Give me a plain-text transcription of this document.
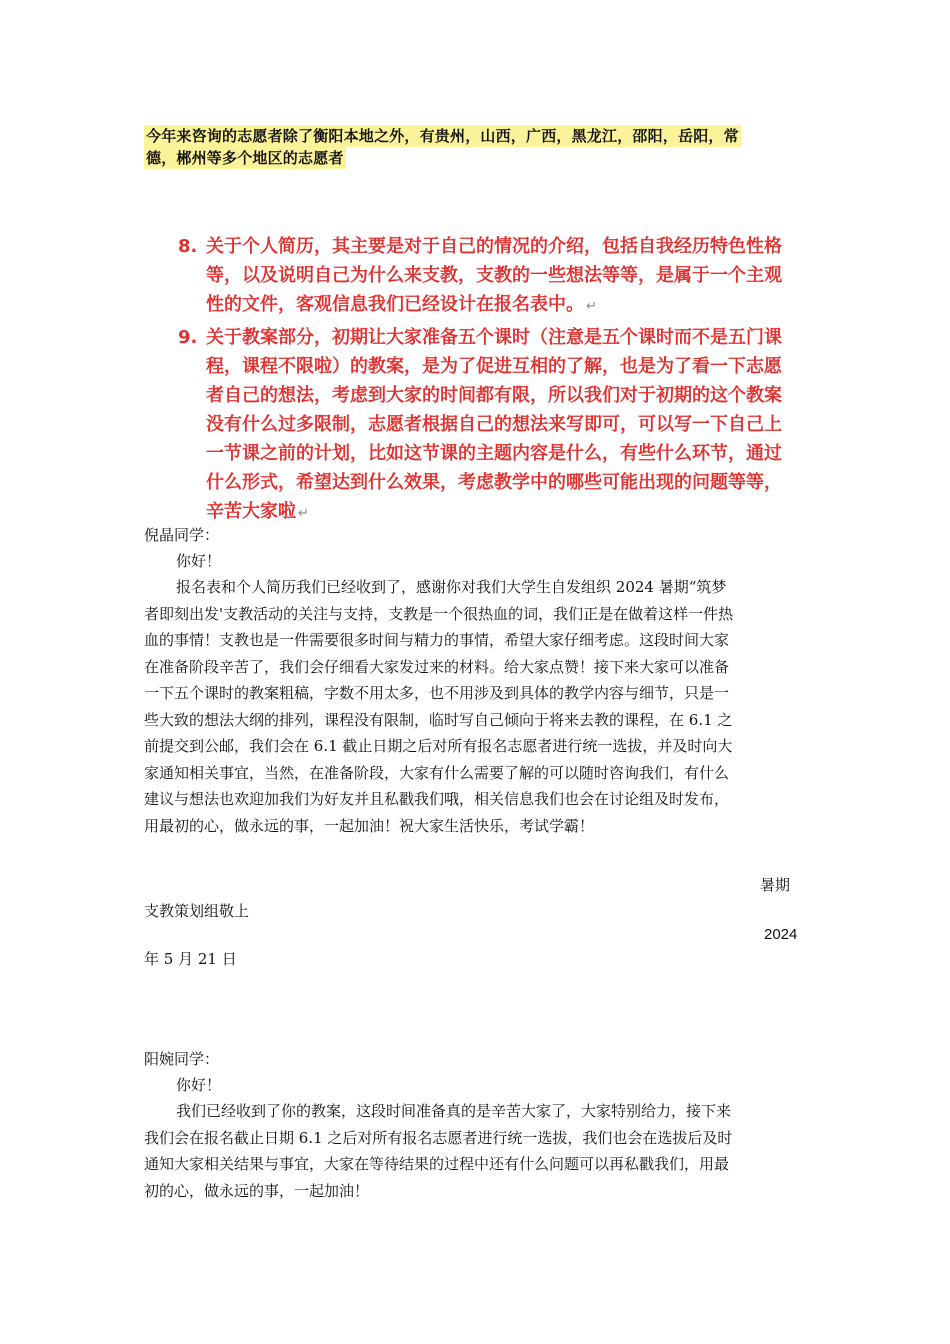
今年来咨询的志愿者除了衡阳本地之外，有贵州，山西，广西，黑龙江，邵阳，岳阳，常
德，郴州等多个地区的志愿者
8. 关于个人简历，其主要是对于自己的情况的介绍，包括自我经历特色性格
等，以及说明自己为什么来支教，支教的一些想法等等，是属于一个主观
性的文件，客观信息我们已经设计在报名表中。 ↵
9. 关于教案部分，初期让大家准备五个课时（注意是五个课时而不是五门课
程，课程不限啦）的教案，是为了促进互相的了解，也是为了看一下志愿
者自己的想法，考虑到大家的时间都有限，所以我们对于初期的这个教案
没有什么过多限制，志愿者根据自己的想法来写即可，可以写一下自己上
一节课之前的计划，比如这节课的主题内容是什么，有些什么环节，通过
什么形式，希望达到什么效果，考虑教学中的哪些可能出现的问题等等，
辛苦大家啦 ↵
倪晶同学：
你好！
报名表和个人简历我们已经收到了，感谢你对我们大学生自发组织 2024 暑期“筑梦
者即刻出发'支教活动的关注与支持，支教是一个很热血的词，我们正是在做着这样一件热
血的事情！支教也是一件需要很多时间与精力的事情，希望大家仔细考虑。这段时间大家
在准备阶段辛苦了，我们会仔细看大家发过来的材料。给大家点赞！接下来大家可以准备
一下五个课时的教案粗稿，字数不用太多，也不用涉及到具体的教学内容与细节，只是一
些大致的想法大纲的排列，课程没有限制，临时写自己倾向于将来去教的课程，在 6.1 之
前提交到公邮，我们会在 6.1 截止日期之后对所有报名志愿者进行统一选拔，并及时向大
家通知相关事宜，当然，在准备阶段，大家有什么需要了解的可以随时咨询我们，有什么
建议与想法也欢迎加我们为好友并且私戳我们哦，相关信息我们也会在讨论组及时发布，
用最初的心，做永远的事，一起加油！祝大家生活快乐，考试学霸！
暑期
支教策划组敬上
2024
年 5 月 21 日
阳婉同学：
你好！
我们已经收到了你的教案，这段时间准备真的是辛苦大家了，大家特别给力，接下来
我们会在报名截止日期 6.1 之后对所有报名志愿者进行统一选拔，我们也会在选拔后及时
通知大家相关结果与事宜，大家在等待结果的过程中还有什么问题可以再私戳我们，用最
初的心，做永远的事，一起加油！
